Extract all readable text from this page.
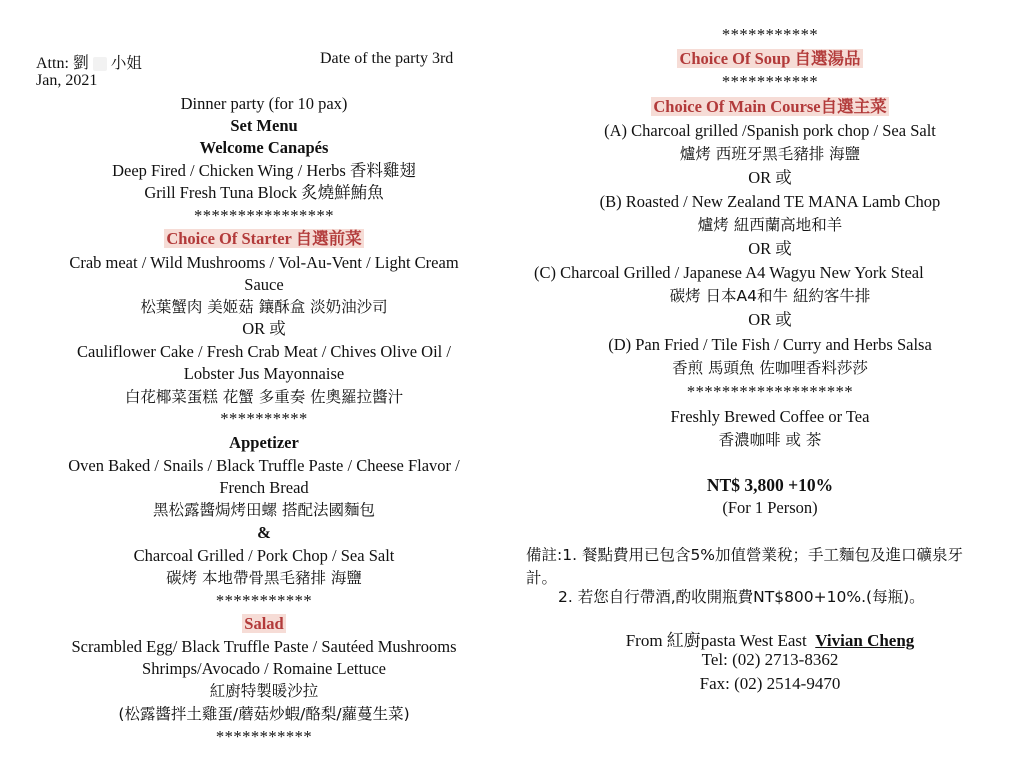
Attn: 劉 小姐	Date of the party 3rd
Jan, 2021
Dinner party (for 10 pax)
Set Menu
Welcome Canapés
Deep Fired / Chicken Wing / Herbs 香料雞翅
Grill Fresh Tuna Block 炙燒鮮鮪魚
****************
Choice Of Starter 自選前菜
Crab meat / Wild Mushrooms / Vol-Au-Vent / Light Cream
Sauce
松葉蟹肉 美姬菇 鑲酥盒 淡奶油沙司
OR 或
Cauliflower Cake / Fresh Crab Meat / Chives Olive Oil /
Lobster Jus Mayonnaise
白花椰菜蛋糕 花蟹 多重奏 佐奧羅拉醬汁
**********
Appetizer
Oven Baked / Snails / Black Truffle Paste / Cheese Flavor /
French Bread
黑松露醬焗烤田螺 搭配法國麵包
&
Charcoal Grilled / Pork Chop / Sea Salt
碳烤 本地帶骨黑毛豬排 海鹽
***********
Salad
Scrambled Egg/ Black Truffle Paste / Sautéed Mushrooms
Shrimps/Avocado / Romaine Lettuce
紅廚特製暖沙拉
(松露醬拌土雞蛋/蘑菇炒蝦/酪梨/蘿蔓生菜)
***********
***********
Choice Of Soup 自選湯品
***********
Choice Of Main Course自選主菜
(A) Charcoal grilled /Spanish pork chop / Sea Salt
爐烤 西班牙黑毛豬排 海鹽
OR 或
(B) Roasted / New Zealand TE MANA Lamb Chop
爐烤 紐西蘭高地和羊
OR 或
(C) Charcoal Grilled / Japanese A4 Wagyu New York Steal
碳烤 日本A4和牛 紐約客牛排
OR 或
(D) Pan Fried / Tile Fish / Curry and Herbs Salsa
香煎 馬頭魚 佐咖哩香料莎莎
*******************
Freshly Brewed Coffee or Tea
香濃咖啡 或 茶
NT$ 3,800 +10%
(For 1 Person)
備註:1. 餐點費用已包含5%加值營業稅；手工麵包及進口礦泉牙
計。
2. 若您自行帶酒,酌收開瓶費NT$800+10%.(每瓶)。
From 紅廚pasta West East Vivian Cheng
Tel: (02) 2713-8362
Fax: (02) 2514-9470
